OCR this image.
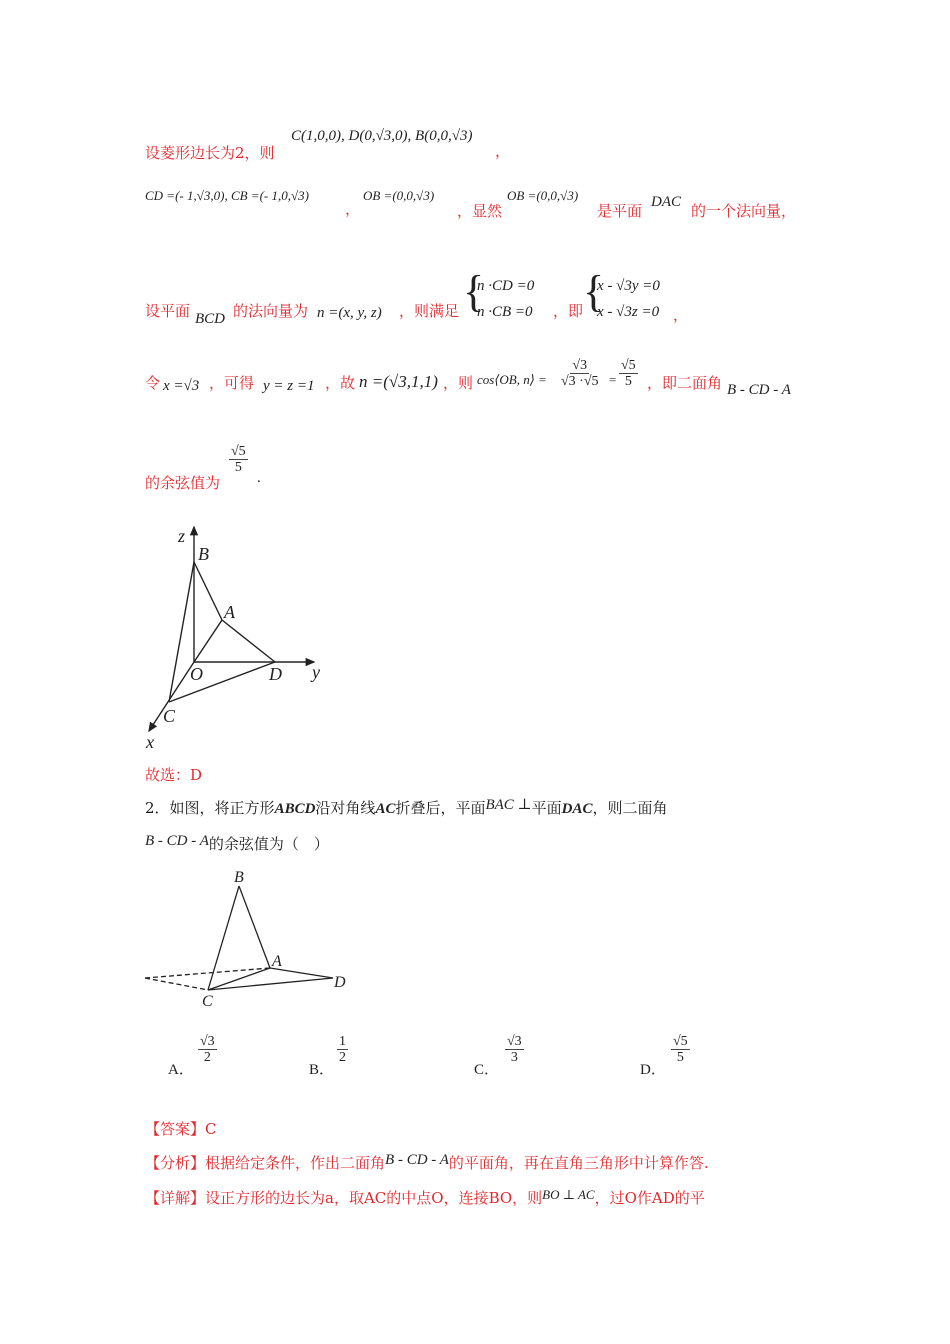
设菱形边长为2，则
C(1,0,0), D(0,√3,0), B(0,0,√3)
，
CD =(- 1,√3,0), CB =(- 1,0,√3)
，
OB =(0,0,√3)
，显然
OB =(0,0,√3)
是平面 DAC 的一个法向量，
设平面 BCD 的法向量为 n =(x, y, z) ，则满足 {
n ·CD =0
n ·CB =0 ，即 {
x - √3y =0
x - √3z =0 ，
令 x =√3 ，可得 y = z =1 ，故 n =(√3,1,1) ，则 cos⟨OB, n⟩ = $\frac{√3}{√3 \cdot√5} = \frac{√5}{5}$ ，即二面角 B - CD - A
的余弦值为
$\frac{√5}{5}$
.
z
B
A
O	D y
C
x
故选：D
2．如图，将正方形ABCD沿对角线AC折叠后，平面BAC ⊥平面DAC，则二面角
B - CD - A的余弦值为（　）
B
A
D
C
A．
$\frac{√3}{2}$
B．
$\frac{1}{2}$
C．
$\frac{√3}{3}$
D．
$\frac{√5}{5}$
【答案】C
【分析】根据给定条件，作出二面角B - CD - A的平面角，再在直角三角形中计算作答.
【详解】设正方形的边长为a，取AC的中点O，连接BO，则BO ⊥ AC，过O作AD的平
